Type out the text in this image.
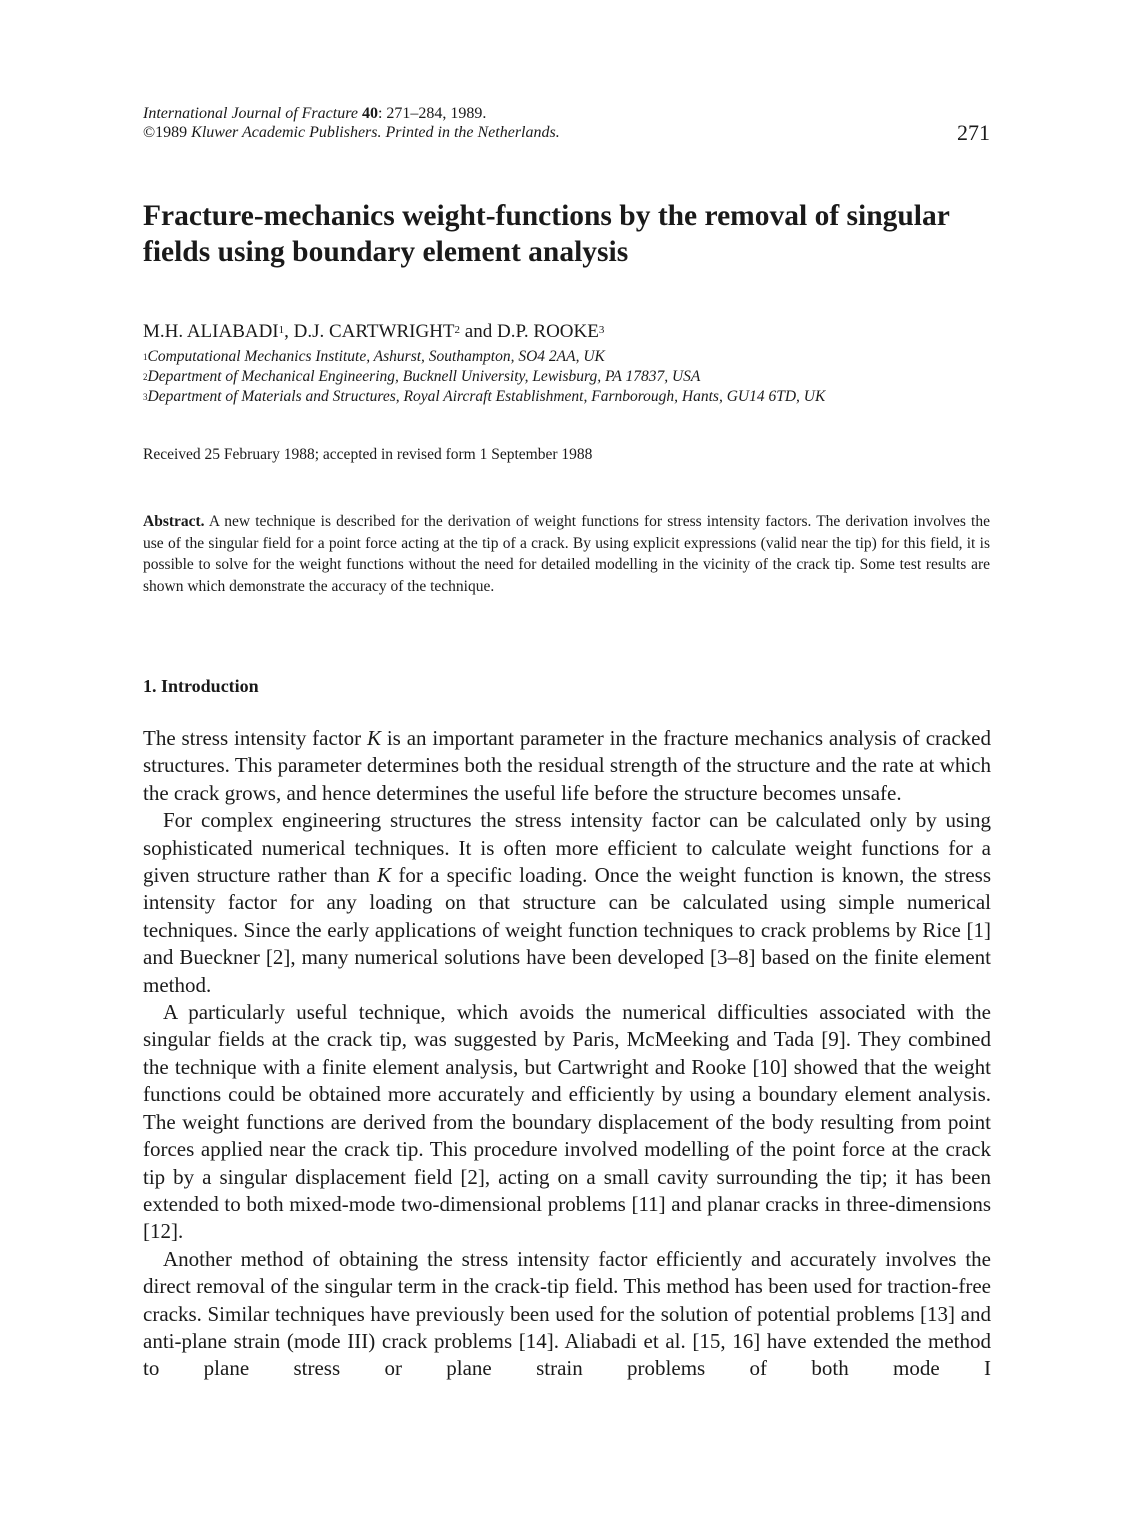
International Journal of Fracture 40: 271–284, 1989.
©1989 Kluwer Academic Publishers. Printed in the Netherlands.	271
Fracture-mechanics weight-functions by the removal of singular fields using boundary element analysis
M.H. ALIABADI$^1$, D.J. CARTWRIGHT$^2$ and D.P. ROOKE$^3$
$^1$Computational Mechanics Institute, Ashurst, Southampton, SO4 2AA, UK
$^2$Department of Mechanical Engineering, Bucknell University, Lewisburg, PA 17837, USA
$^3$Department of Materials and Structures, Royal Aircraft Establishment, Farnborough, Hants, GU14 6TD, UK
Received 25 February 1988; accepted in revised form 1 September 1988

Abstract. A new technique is described for the derivation of weight functions for stress intensity factors. The derivation involves the use of the singular field for a point force acting at the tip of a crack. By using explicit expressions (valid near the tip) for this field, it is possible to solve for the weight functions without the need for detailed modelling in the vicinity of the crack tip. Some test results are shown which demonstrate the accuracy of the technique.

1. Introduction

The stress intensity factor K is an important parameter in the fracture mechanics analysis of cracked structures. This parameter determines both the residual strength of the structure and the rate at which the crack grows, and hence determines the useful life before the structure becomes unsafe.

For complex engineering structures the stress intensity factor can be calculated only by using sophisticated numerical techniques. It is often more efficient to calculate weight functions for a given structure rather than K for a specific loading. Once the weight function is known, the stress intensity factor for any loading on that structure can be calculated using simple numerical techniques. Since the early applications of weight function techniques to crack problems by Rice [1] and Bueckner [2], many numerical solutions have been developed [3–8] based on the finite element method.

A particularly useful technique, which avoids the numerical difficulties associated with the singular fields at the crack tip, was suggested by Paris, McMeeking and Tada [9]. They combined the technique with a finite element analysis, but Cartwright and Rooke [10] showed that the weight functions could be obtained more accurately and efficiently by using a boundary element analysis. The weight functions are derived from the boundary displacement of the body resulting from point forces applied near the crack tip. This procedure involved modelling of the point force at the crack tip by a singular displacement field [2], acting on a small cavity surrounding the tip; it has been extended to both mixed-mode two-dimensional problems [11] and planar cracks in three-dimensions [12].

Another method of obtaining the stress intensity factor efficiently and accurately involves the direct removal of the singular term in the crack-tip field. This method has been used for traction-free cracks. Similar techniques have previously been used for the solution of potential problems [13] and anti-plane strain (mode III) crack problems [14]. Aliabadi et al. [15, 16] have extended the method to plane stress or plane strain problems of both mode I
